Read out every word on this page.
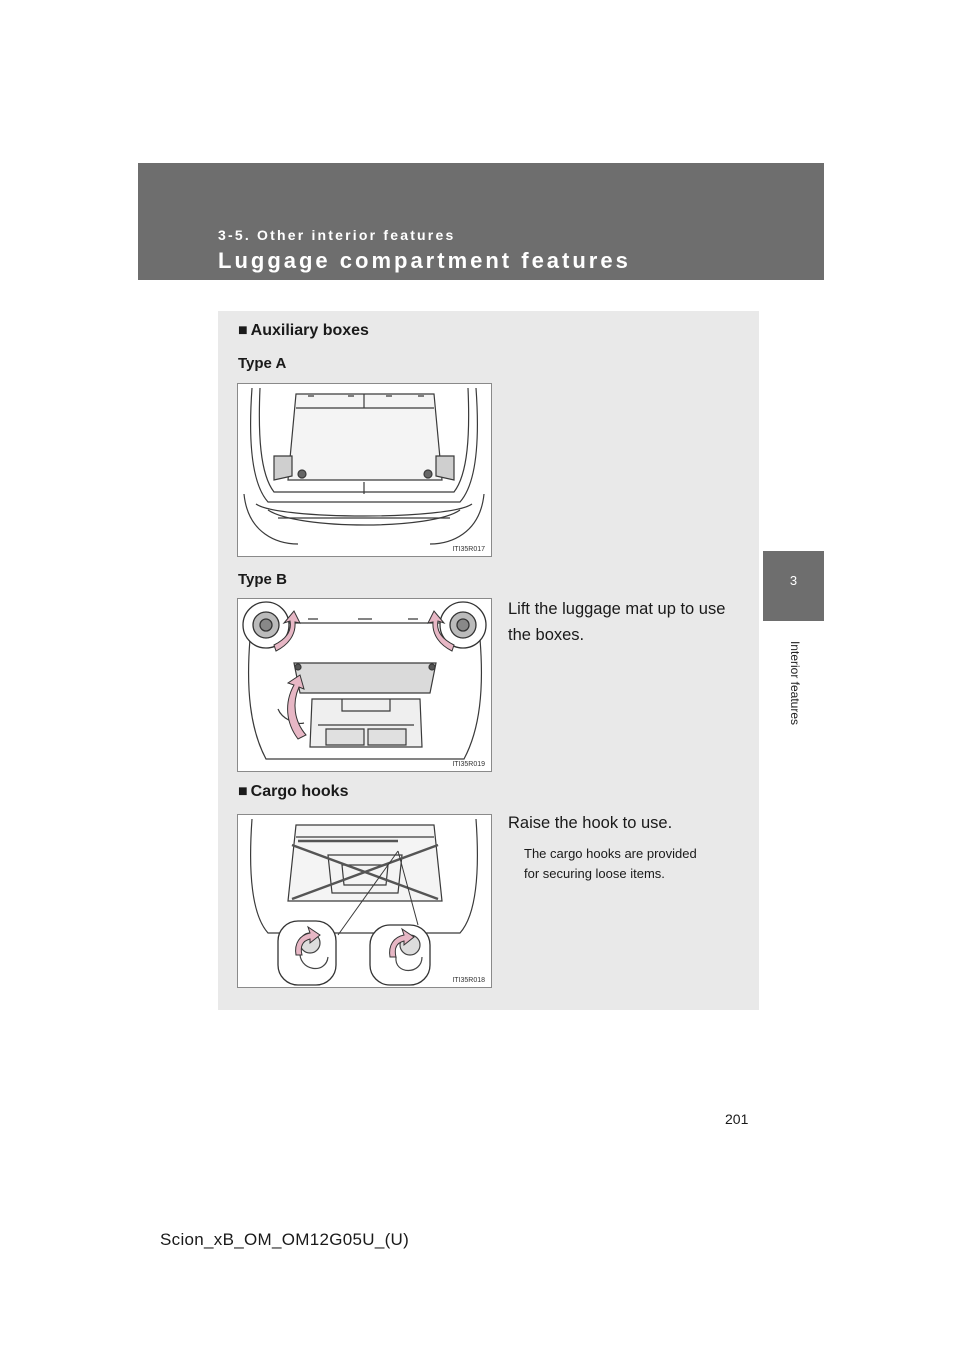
3-5. Other interior features
Luggage compartment features
3
Interior features
■ Auxiliary boxes
Type A
ITI35R017
Type B
ITI35R019
Lift the luggage mat up to use
the boxes.
■ Cargo hooks
ITI35R018
Raise the hook to use.
The cargo hooks are provided
for securing loose items.
201
Scion_xB_OM_OM12G05U_(U)
